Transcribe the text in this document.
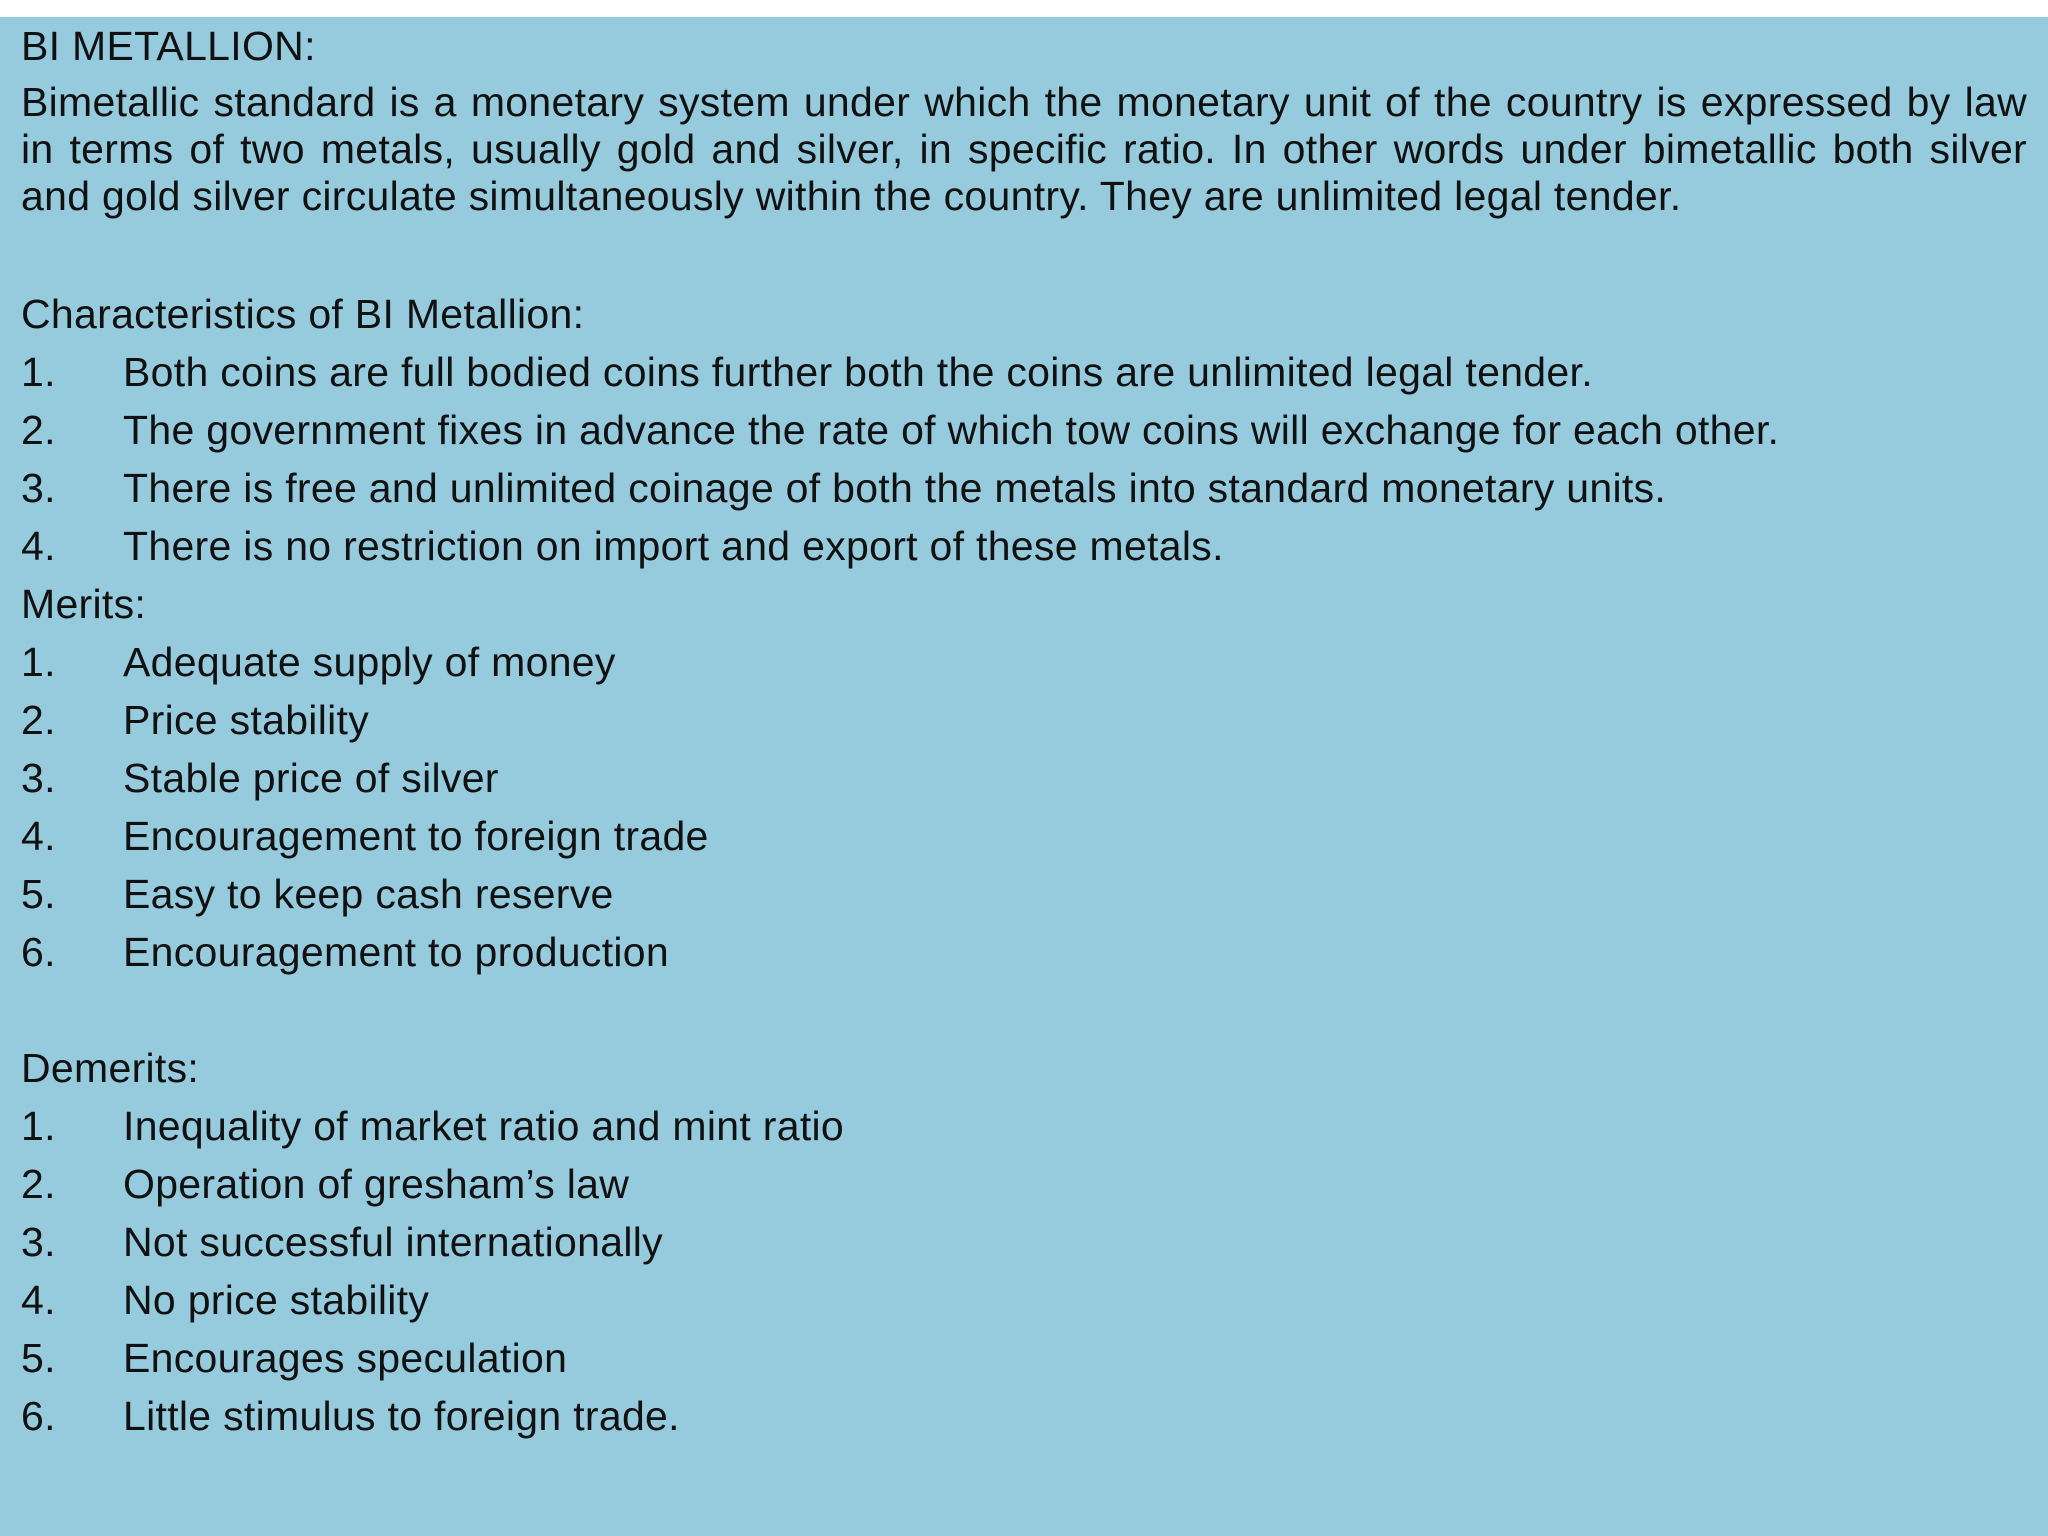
BI METALLION:
Bimetallic standard is a monetary system under which the monetary unit of the country is expressed by law in terms of two metals, usually gold and silver, in specific ratio. In other words under bimetallic both silver and gold silver circulate simultaneously within the country. They are unlimited legal tender.
Characteristics of BI Metallion:
1. Both coins are full bodied coins further both the coins are unlimited legal tender.
2. The government fixes in advance the rate of which tow coins will exchange for each other.
3. There is free and unlimited coinage of both the metals into standard monetary units.
4. There is no restriction on import and export of these metals.
Merits:
1. Adequate supply of money
2. Price stability
3. Stable price of silver
4. Encouragement to foreign trade
5. Easy to keep cash reserve
6. Encouragement to production
Demerits:
1. Inequality of market ratio and mint ratio
2. Operation of gresham’s law
3. Not successful internationally
4. No price stability
5. Encourages speculation
6. Little stimulus to foreign trade.
